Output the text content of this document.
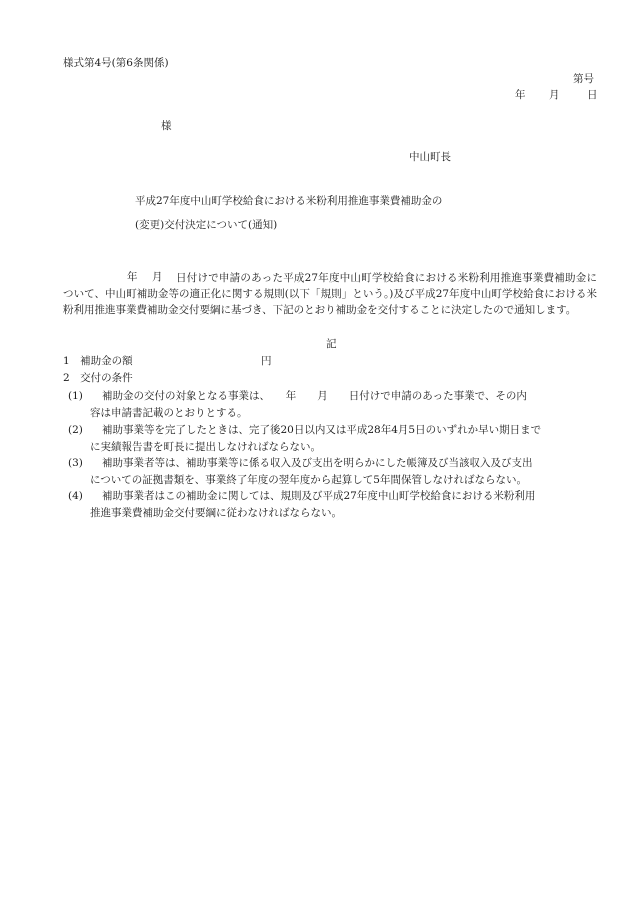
様式第4号(第6条関係)
第号
年 月	日
様
中山町長
平成27年度中山町学校給食における米粉利用推進事業費補助金の
(変更)交付決定について(通知)
年 月	日付けで申請のあった平成27年度中山町学校給食における米粉利用推進事業費補助金について、中山町補助金等の適正化に関する規則(以下「規則」という。)及び平成27年度中山町学校給食における米粉利用推進事業費補助金交付要綱に基づき、下記のとおり補助金を交付することに決定したので通知します。
記
1　補助金の額	円
2　交付の条件
(1)	補助金の交付の対象となる事業は、　　年　　月　　日付けで申請のあった事業で、その内
容は申請書記載のとおりとする。
(2)	補助事業等を完了したときは、完了後20日以内又は平成28年4月5日のいずれか早い期日まで
に実績報告書を町長に提出しなければならない。
(3)	補助事業者等は、補助事業等に係る収入及び支出を明らかにした帳簿及び当該収入及び支出
についての証拠書類を、事業終了年度の翌年度から起算して5年間保管しなければならない。
(4)	補助事業者はこの補助金に関しては、規則及び平成27年度中山町学校給食における米粉利用
推進事業費補助金交付要綱に従わなければならない。
